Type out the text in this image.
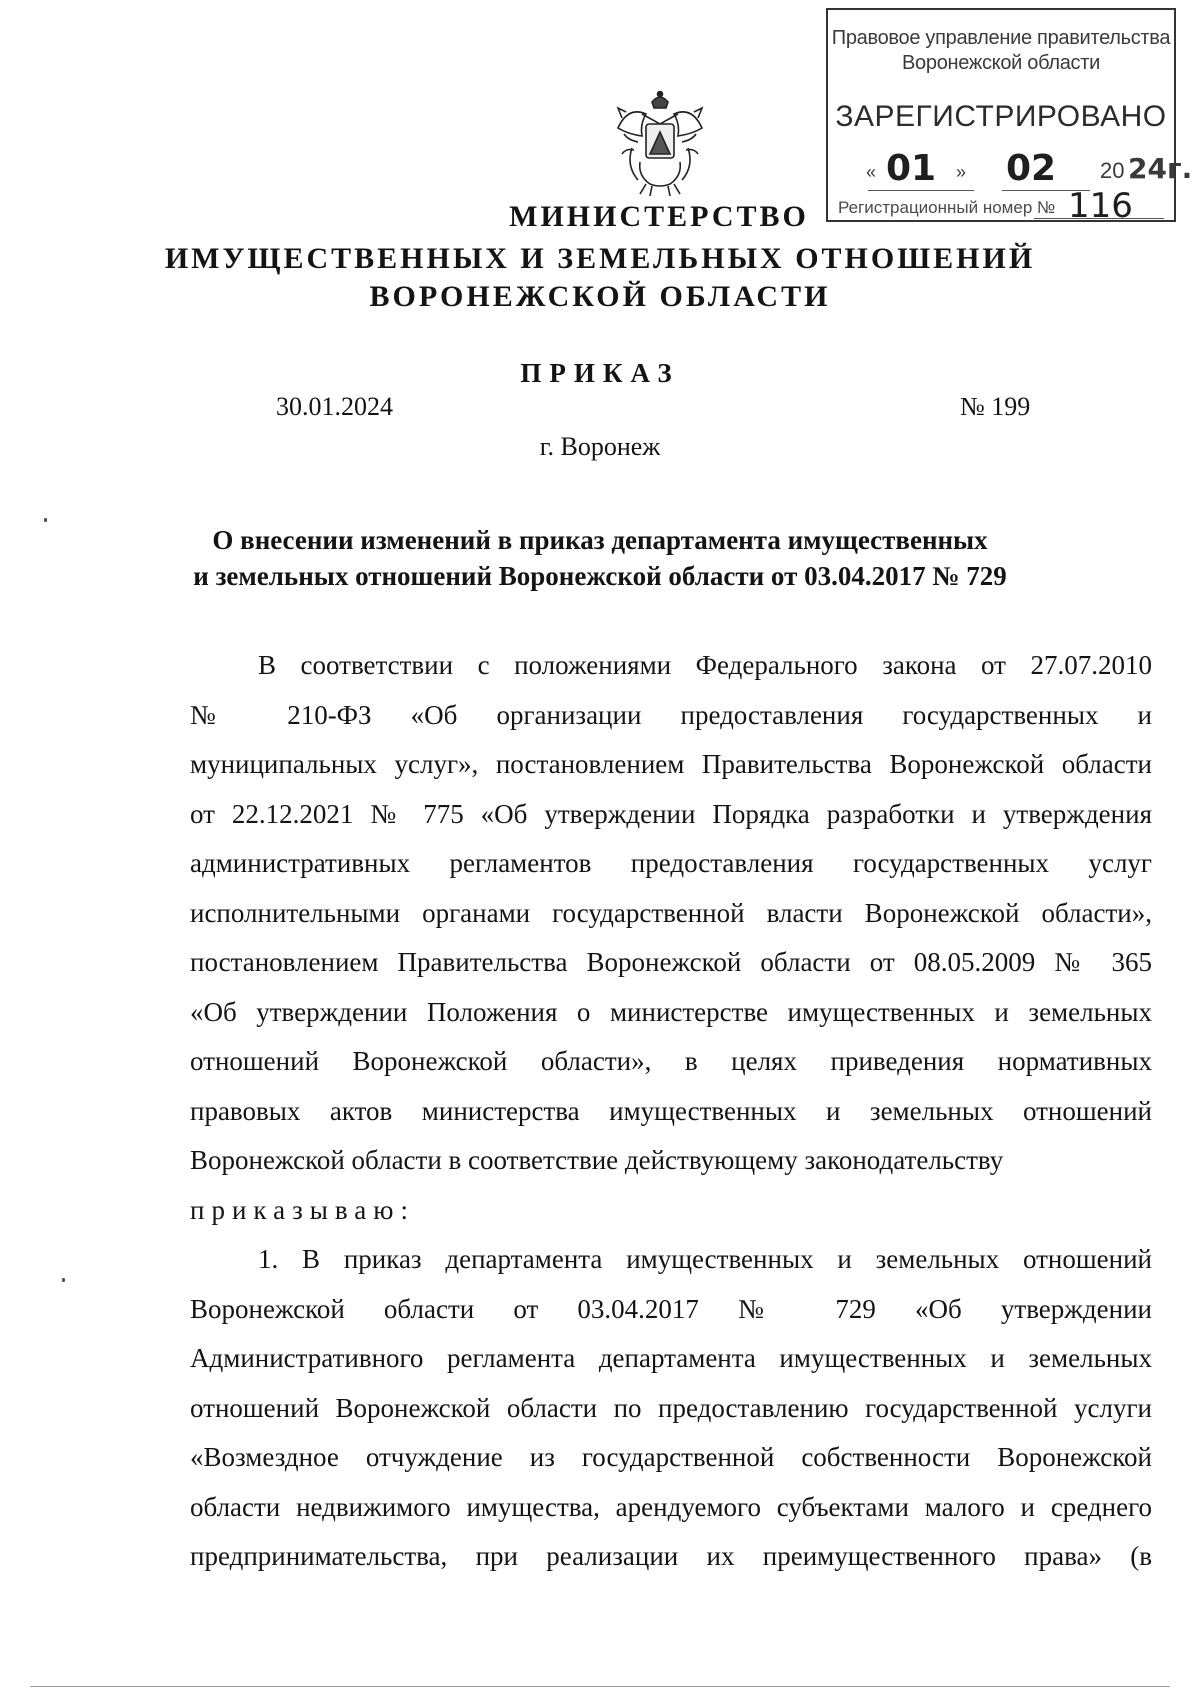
Правовое управление правительства
Воронежской области
ЗАРЕГИСТРИРОВАНО
« 01 » 02 20 24г.
Регистрационный номер № 116
МИНИСТЕРСТВО
ИМУЩЕСТВЕННЫХ И ЗЕМЕЛЬНЫХ ОТНОШЕНИЙ
ВОРОНЕЖСКОЙ ОБЛАСТИ
ПРИКАЗ
30.01.2024	№ 199
г. Воронеж
О внесении изменений в приказ департамента имущественных
и земельных отношений Воронежской области от 03.04.2017 № 729
В соответствии с положениями Федерального закона от 27.07.2010
№ 210-ФЗ «Об организации предоставления государственных и
муниципальных услуг», постановлением Правительства Воронежской области
от 22.12.2021 № 775 «Об утверждении Порядка разработки и утверждения
административных регламентов предоставления государственных услуг
исполнительными органами государственной власти Воронежской области»,
постановлением Правительства Воронежской области от 08.05.2009 № 365
«Об утверждении Положения о министерстве имущественных и земельных
отношений Воронежской области», в целях приведения нормативных
правовых актов министерства имущественных и земельных отношений
Воронежской области в соответствие действующему законодательству
приказываю:
1. В приказ департамента имущественных и земельных отношений
Воронежской области от 03.04.2017 № 729 «Об утверждении
Административного регламента департамента имущественных и земельных
отношений Воронежской области по предоставлению государственной услуги
«Возмездное отчуждение из государственной собственности Воронежской
области недвижимого имущества, арендуемого субъектами малого и среднего
предпринимательства, при реализации их преимущественного права» (в
